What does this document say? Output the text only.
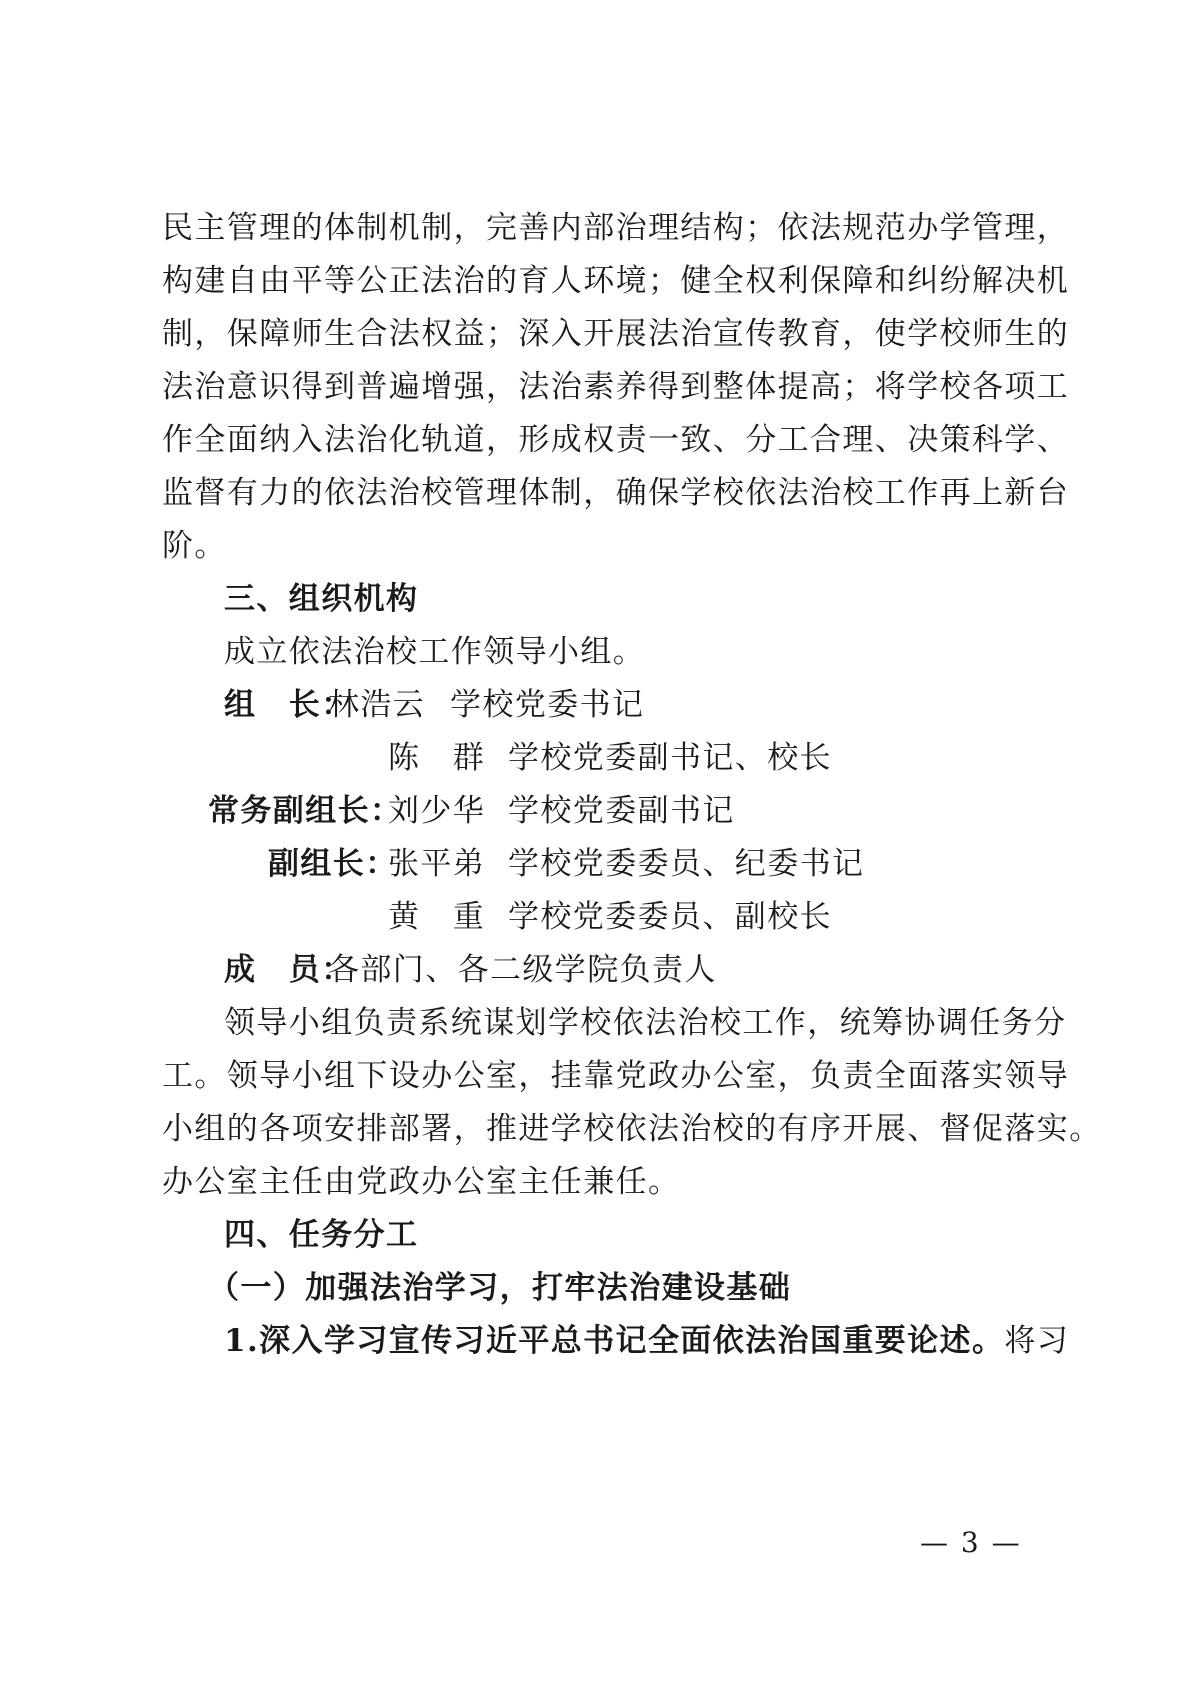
民主管理的体制机制，完善内部治理结构；依法规范办学管理，
构建自由平等公正法治的育人环境；健全权利保障和纠纷解决机
制，保障师生合法权益；深入开展法治宣传教育，使学校师生的
法治意识得到普遍增强，法治素养得到整体提高；将学校各项工
作全面纳入法治化轨道，形成权责一致、分工合理、决策科学、
监督有力的依法治校管理体制，确保学校依法治校工作再上新台
阶。
三、组织机构
成立依法治校工作领导小组。
组　长：
林浩云 学校党委书记
陈　群 学校党委副书记、校长
常务副组长：
刘少华 学校党委副书记
副组长：
张平弟 学校党委委员、纪委书记
黄　重 学校党委委员、副校长
成　员：
各部门、各二级学院负责人
领导小组负责系统谋划学校依法治校工作，统筹协调任务分
工。领导小组下设办公室，挂靠党政办公室，负责全面落实领导
小组的各项安排部署，推进学校依法治校的有序开展、督促落实。
办公室主任由党政办公室主任兼任。
四、任务分工
（一）加强法治学习，打牢法治建设基础
1.深入学习宣传习近平总书记全面依法治国重要论述。将习
— 3 —
